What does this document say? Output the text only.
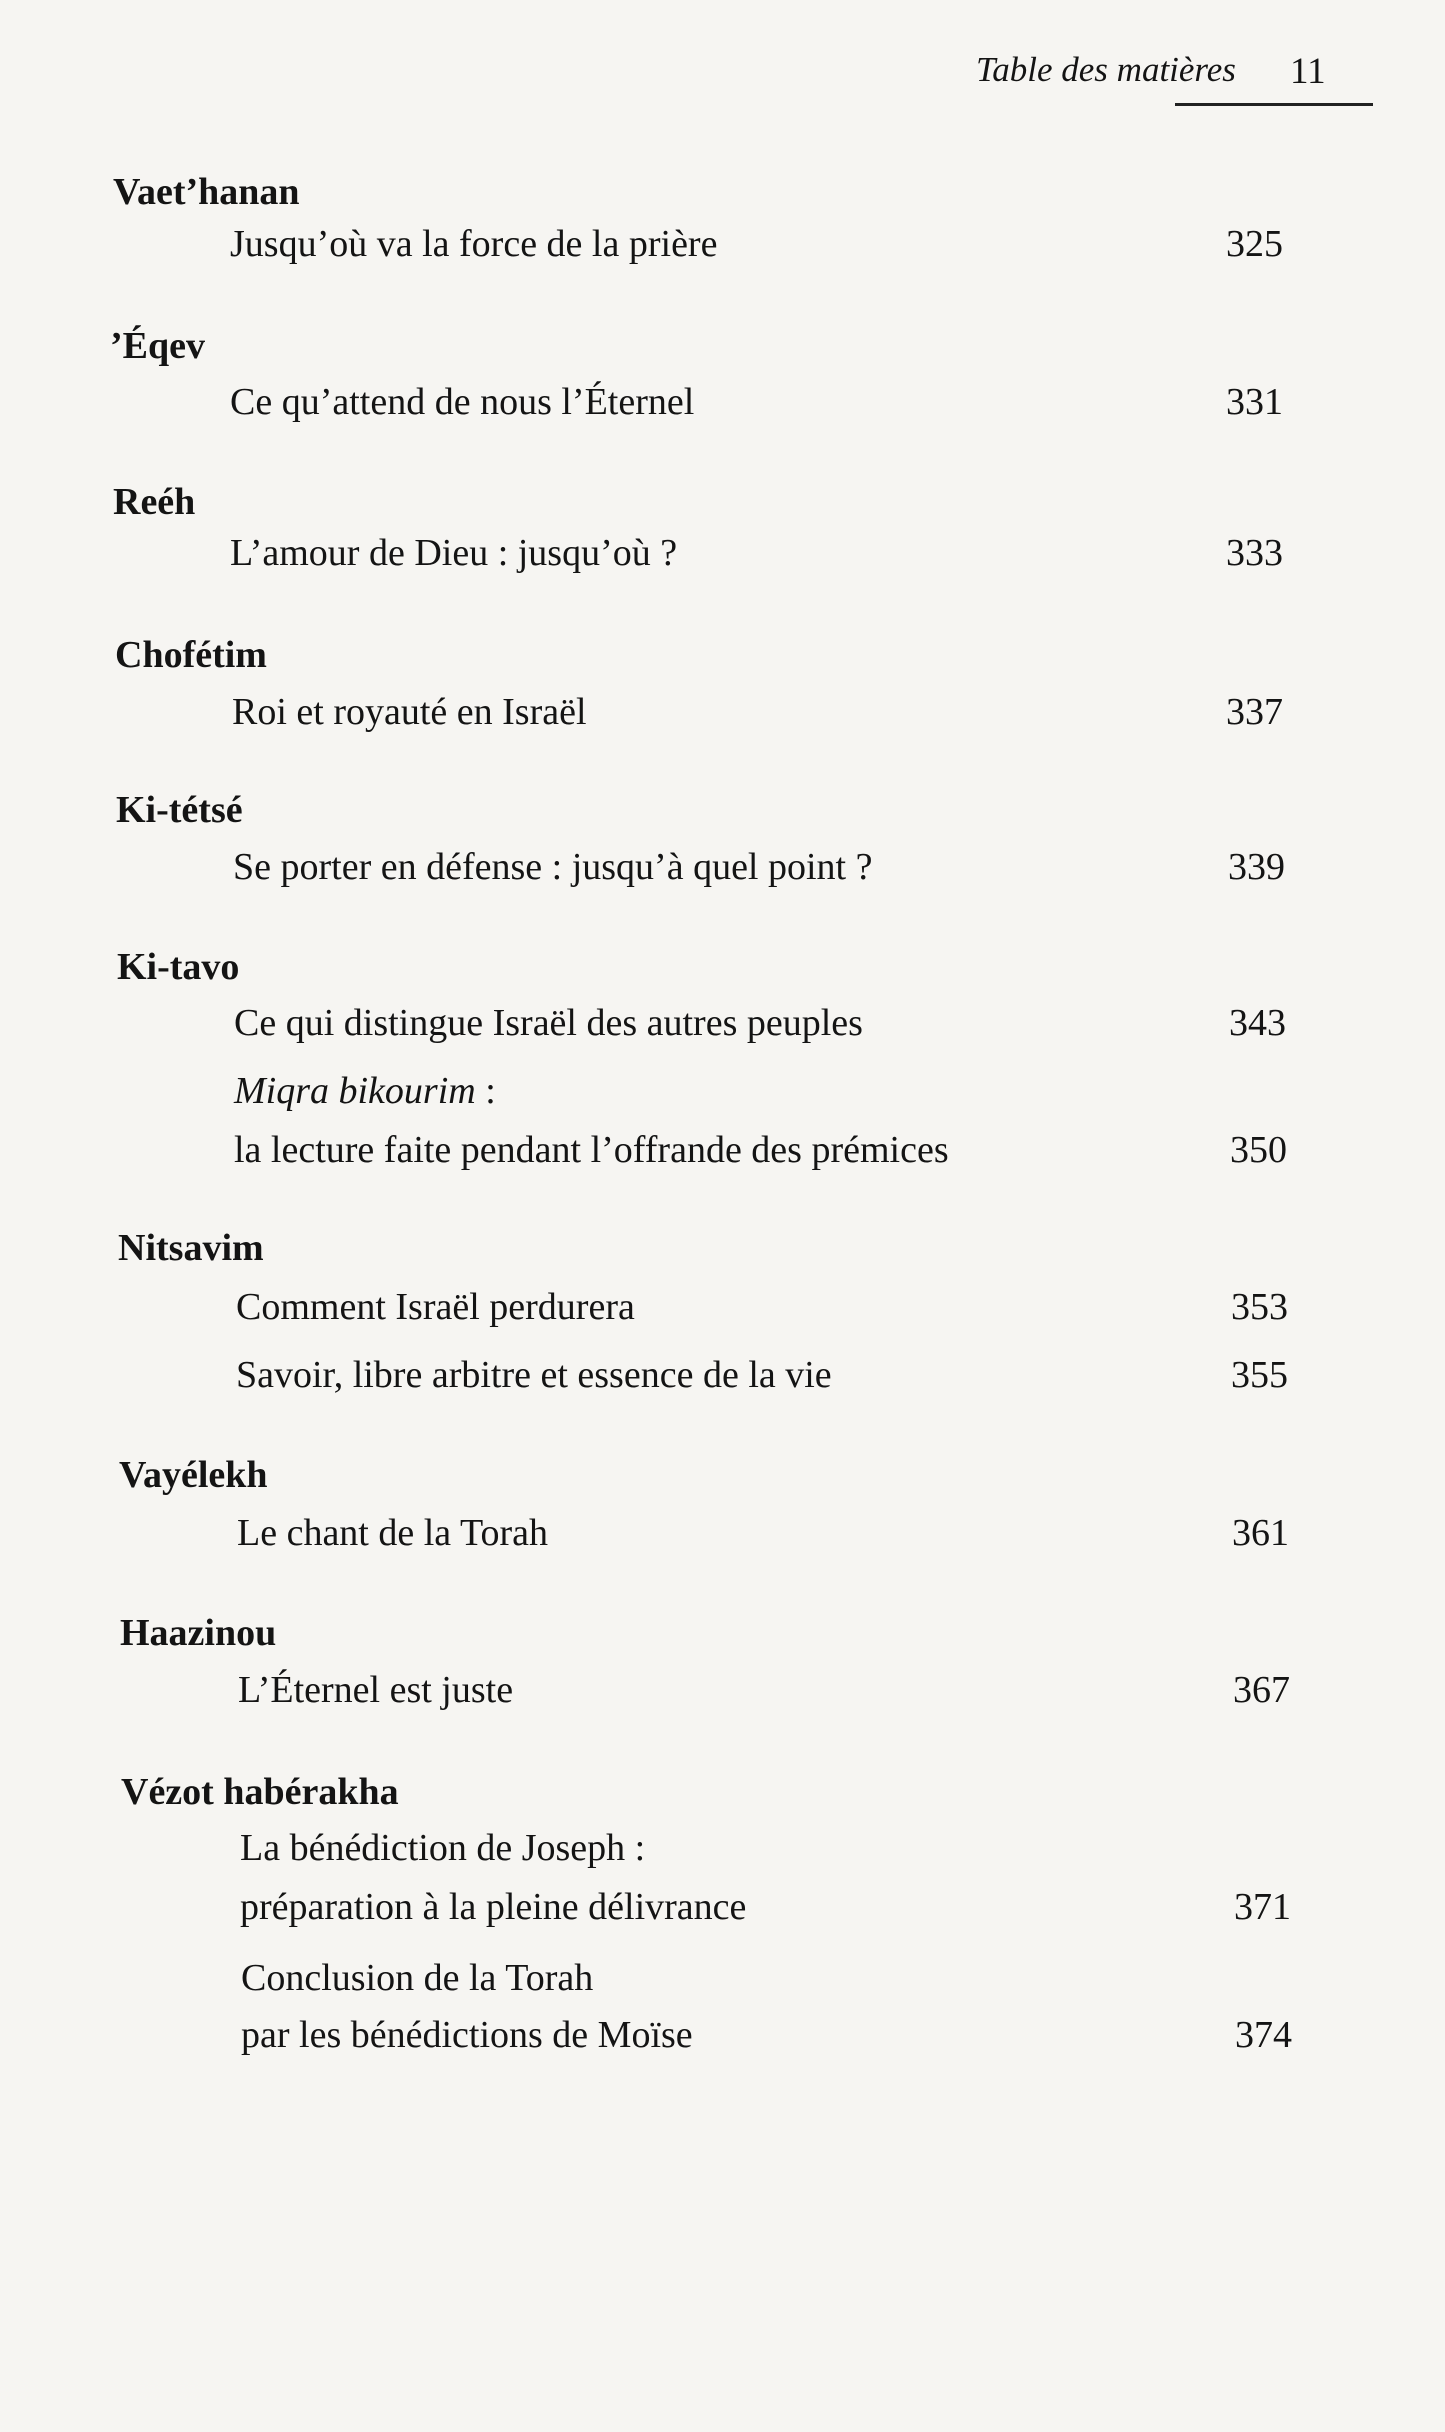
Table des matières 11
Vaet’hanan
Jusqu’où va la force de la prière	325
’Éqev
Ce qu’attend de nous l’Éternel	331
Reéh
L’amour de Dieu : jusqu’où ?	333
Chofétim
Roi et royauté en Israël	337
Ki-tétsé
Se porter en défense : jusqu’à quel point ?	339
Ki-tavo
Ce qui distingue Israël des autres peuples	343
Miqra bikourim :
la lecture faite pendant l’offrande des prémices	350
Nitsavim
Comment Israël perdurera	353
Savoir, libre arbitre et essence de la vie	355
Vayélekh
Le chant de la Torah	361
Haazinou
L’Éternel est juste	367
Vézot habérakha
La bénédiction de Joseph :
préparation à la pleine délivrance	371
Conclusion de la Torah
par les bénédictions de Moïse	374
